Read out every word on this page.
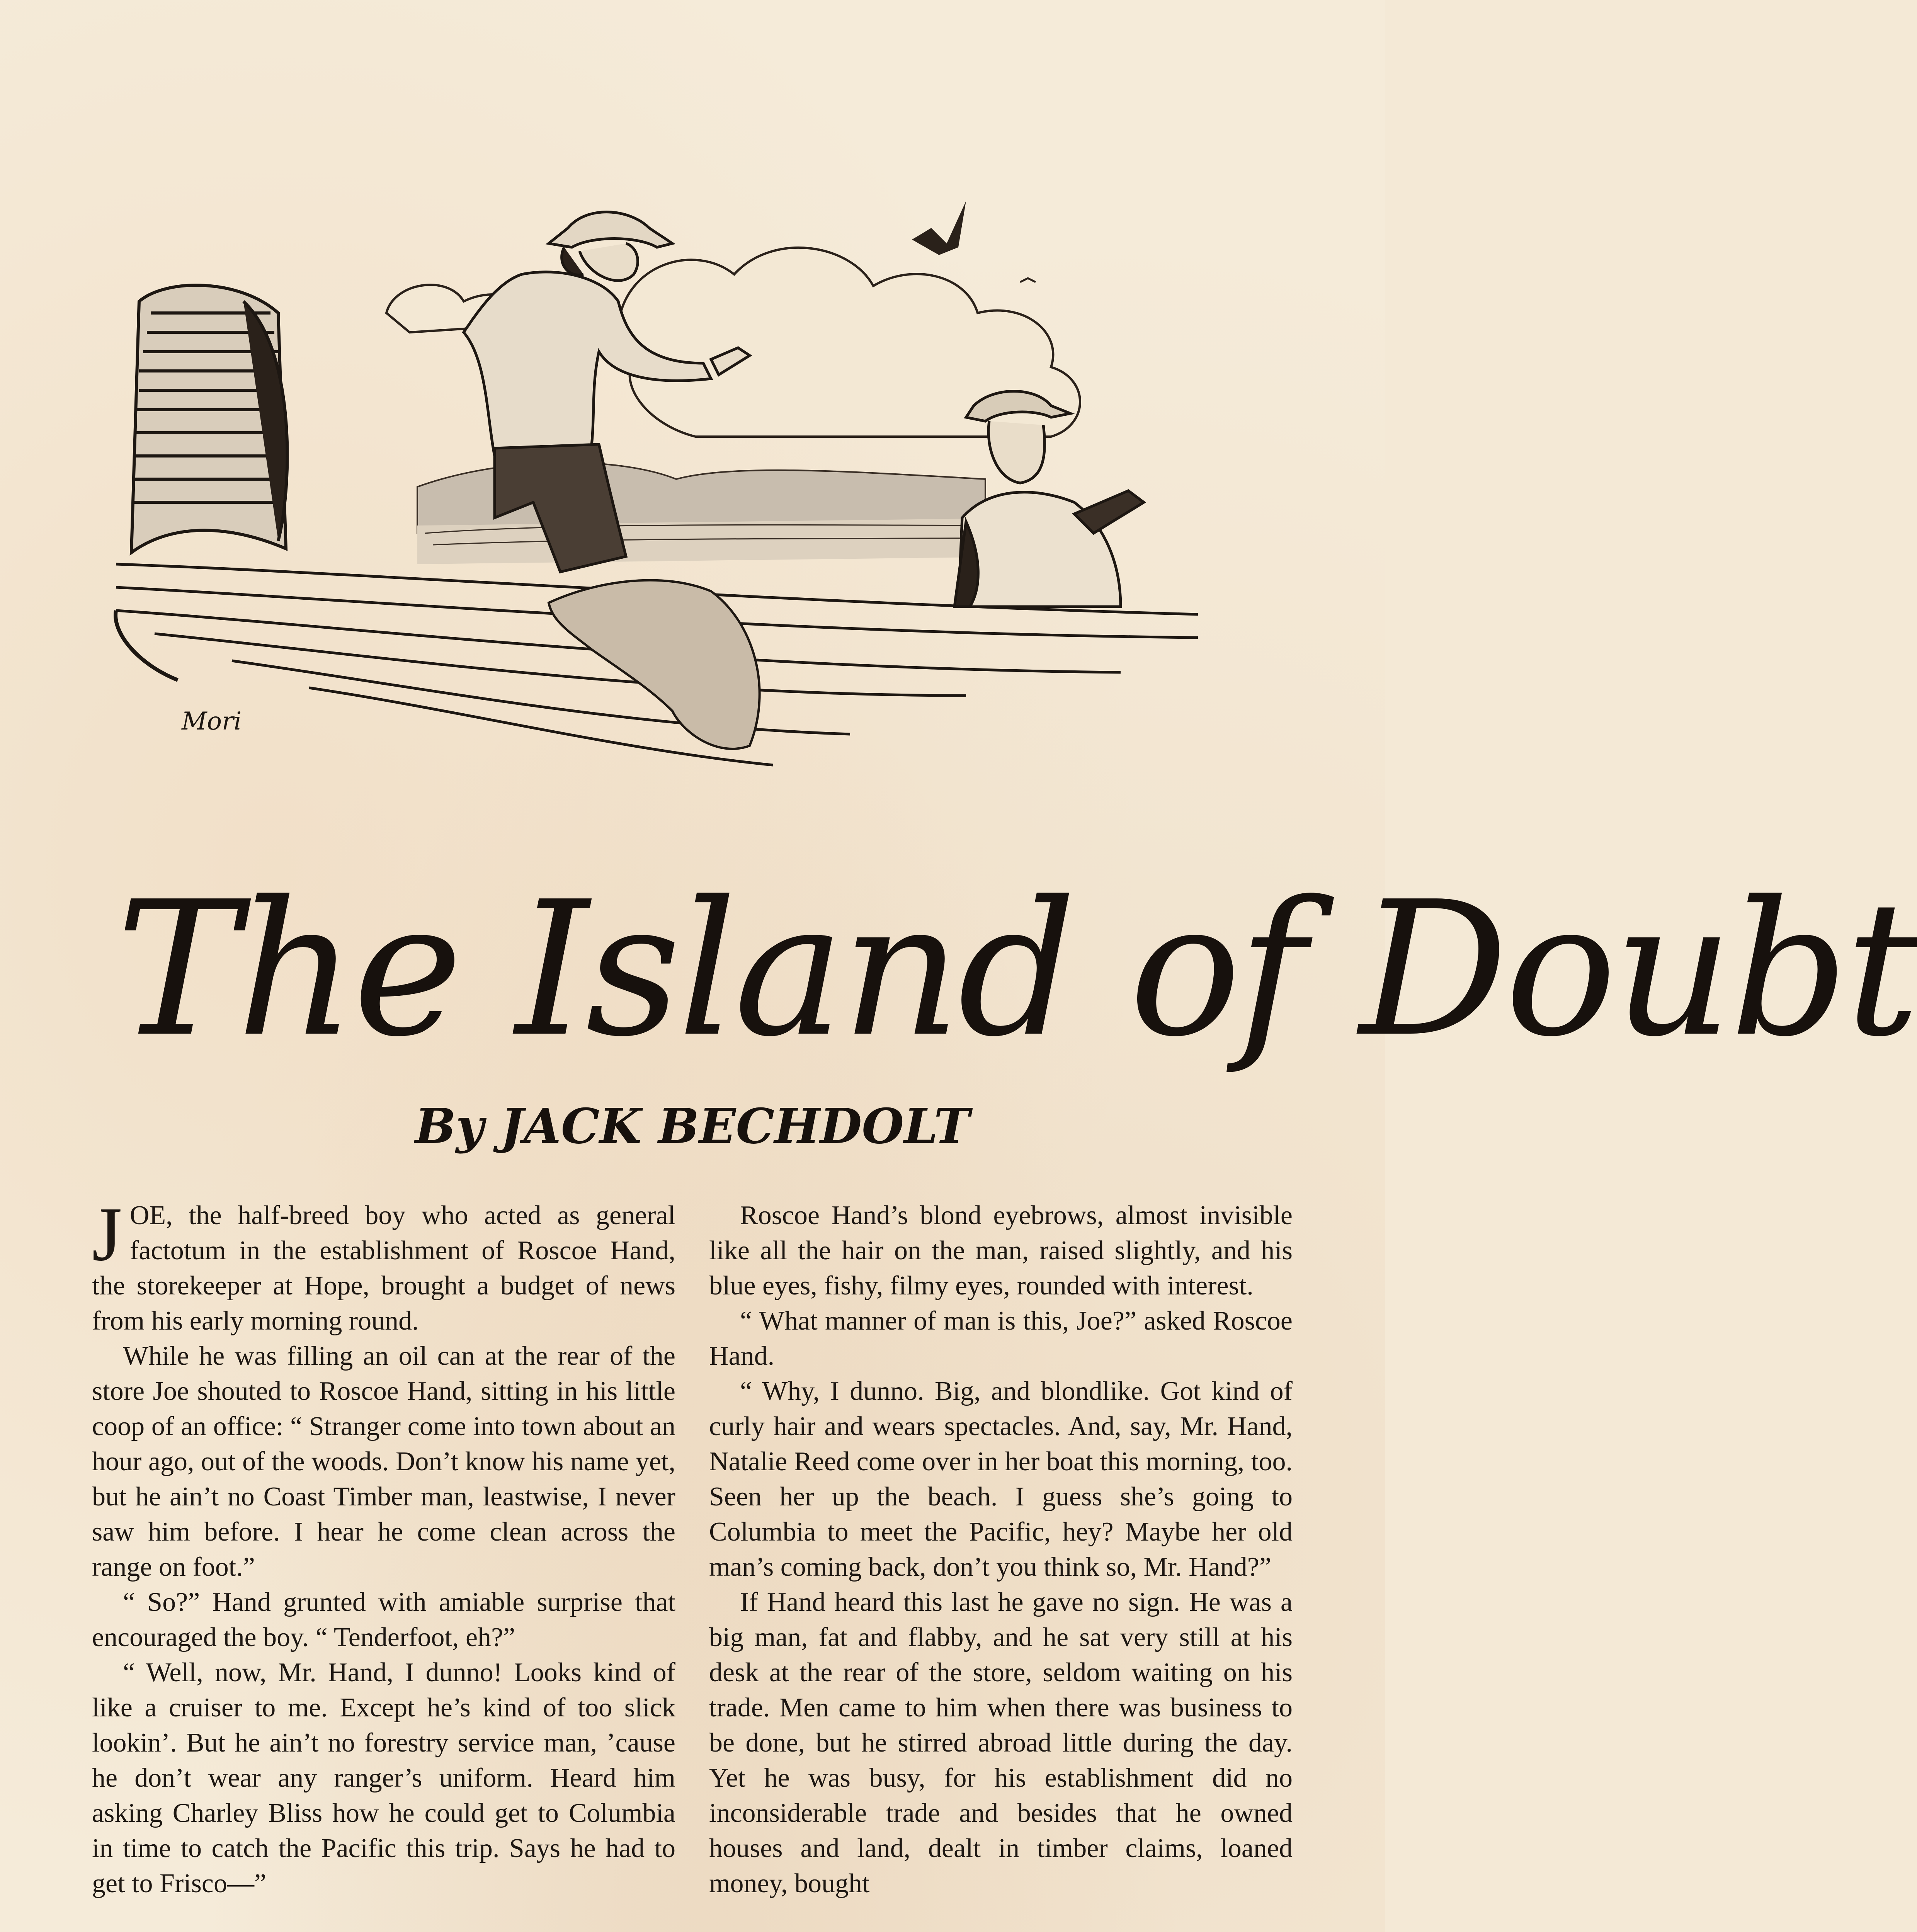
Mori
The Island of Doubt
By JACK BECHDOLT

JOE, the half-breed boy who acted as general factotum in the establishment of Roscoe Hand, the storekeeper at Hope, brought a budget of news from his early morning round.

While he was filling an oil can at the rear of the store Joe shouted to Roscoe Hand, sitting in his little coop of an office: “ Stranger come into town about an hour ago, out of the woods. Don’t know his name yet, but he ain’t no Coast Timber man, leastwise, I never saw him before. I hear he come clean across the range on foot.”

“ So?” Hand grunted with amiable surprise that encouraged the boy. “ Tenderfoot, eh?”

“ Well, now, Mr. Hand, I dunno! Looks kind of like a cruiser to me. Except he’s kind of too slick lookin’. But he ain’t no forestry service man, ’cause he don’t wear any ranger’s uniform. Heard him asking Charley Bliss how he could get to Columbia in time to catch the Pacific this trip. Says he had to get to Frisco—”

Roscoe Hand’s blond eyebrows, almost invisible like all the hair on the man, raised slightly, and his blue eyes, fishy, filmy eyes, rounded with interest.

“ What manner of man is this, Joe?” asked Roscoe Hand.

“ Why, I dunno. Big, and blondlike. Got kind of curly hair and wears spectacles. And, say, Mr. Hand, Natalie Reed come over in her boat this morning, too. Seen her up the beach. I guess she’s going to Columbia to meet the Pacific, hey? Maybe her old man’s coming back, don’t you think so, Mr. Hand?”

If Hand heard this last he gave no sign. He was a big man, fat and flabby, and he sat very still at his desk at the rear of the store, seldom waiting on his trade. Men came to him when there was business to be done, but he stirred abroad little during the day. Yet he was busy, for his establishment did no inconsiderable trade and besides that he owned houses and land, dealt in timber claims, loaned money, bought
